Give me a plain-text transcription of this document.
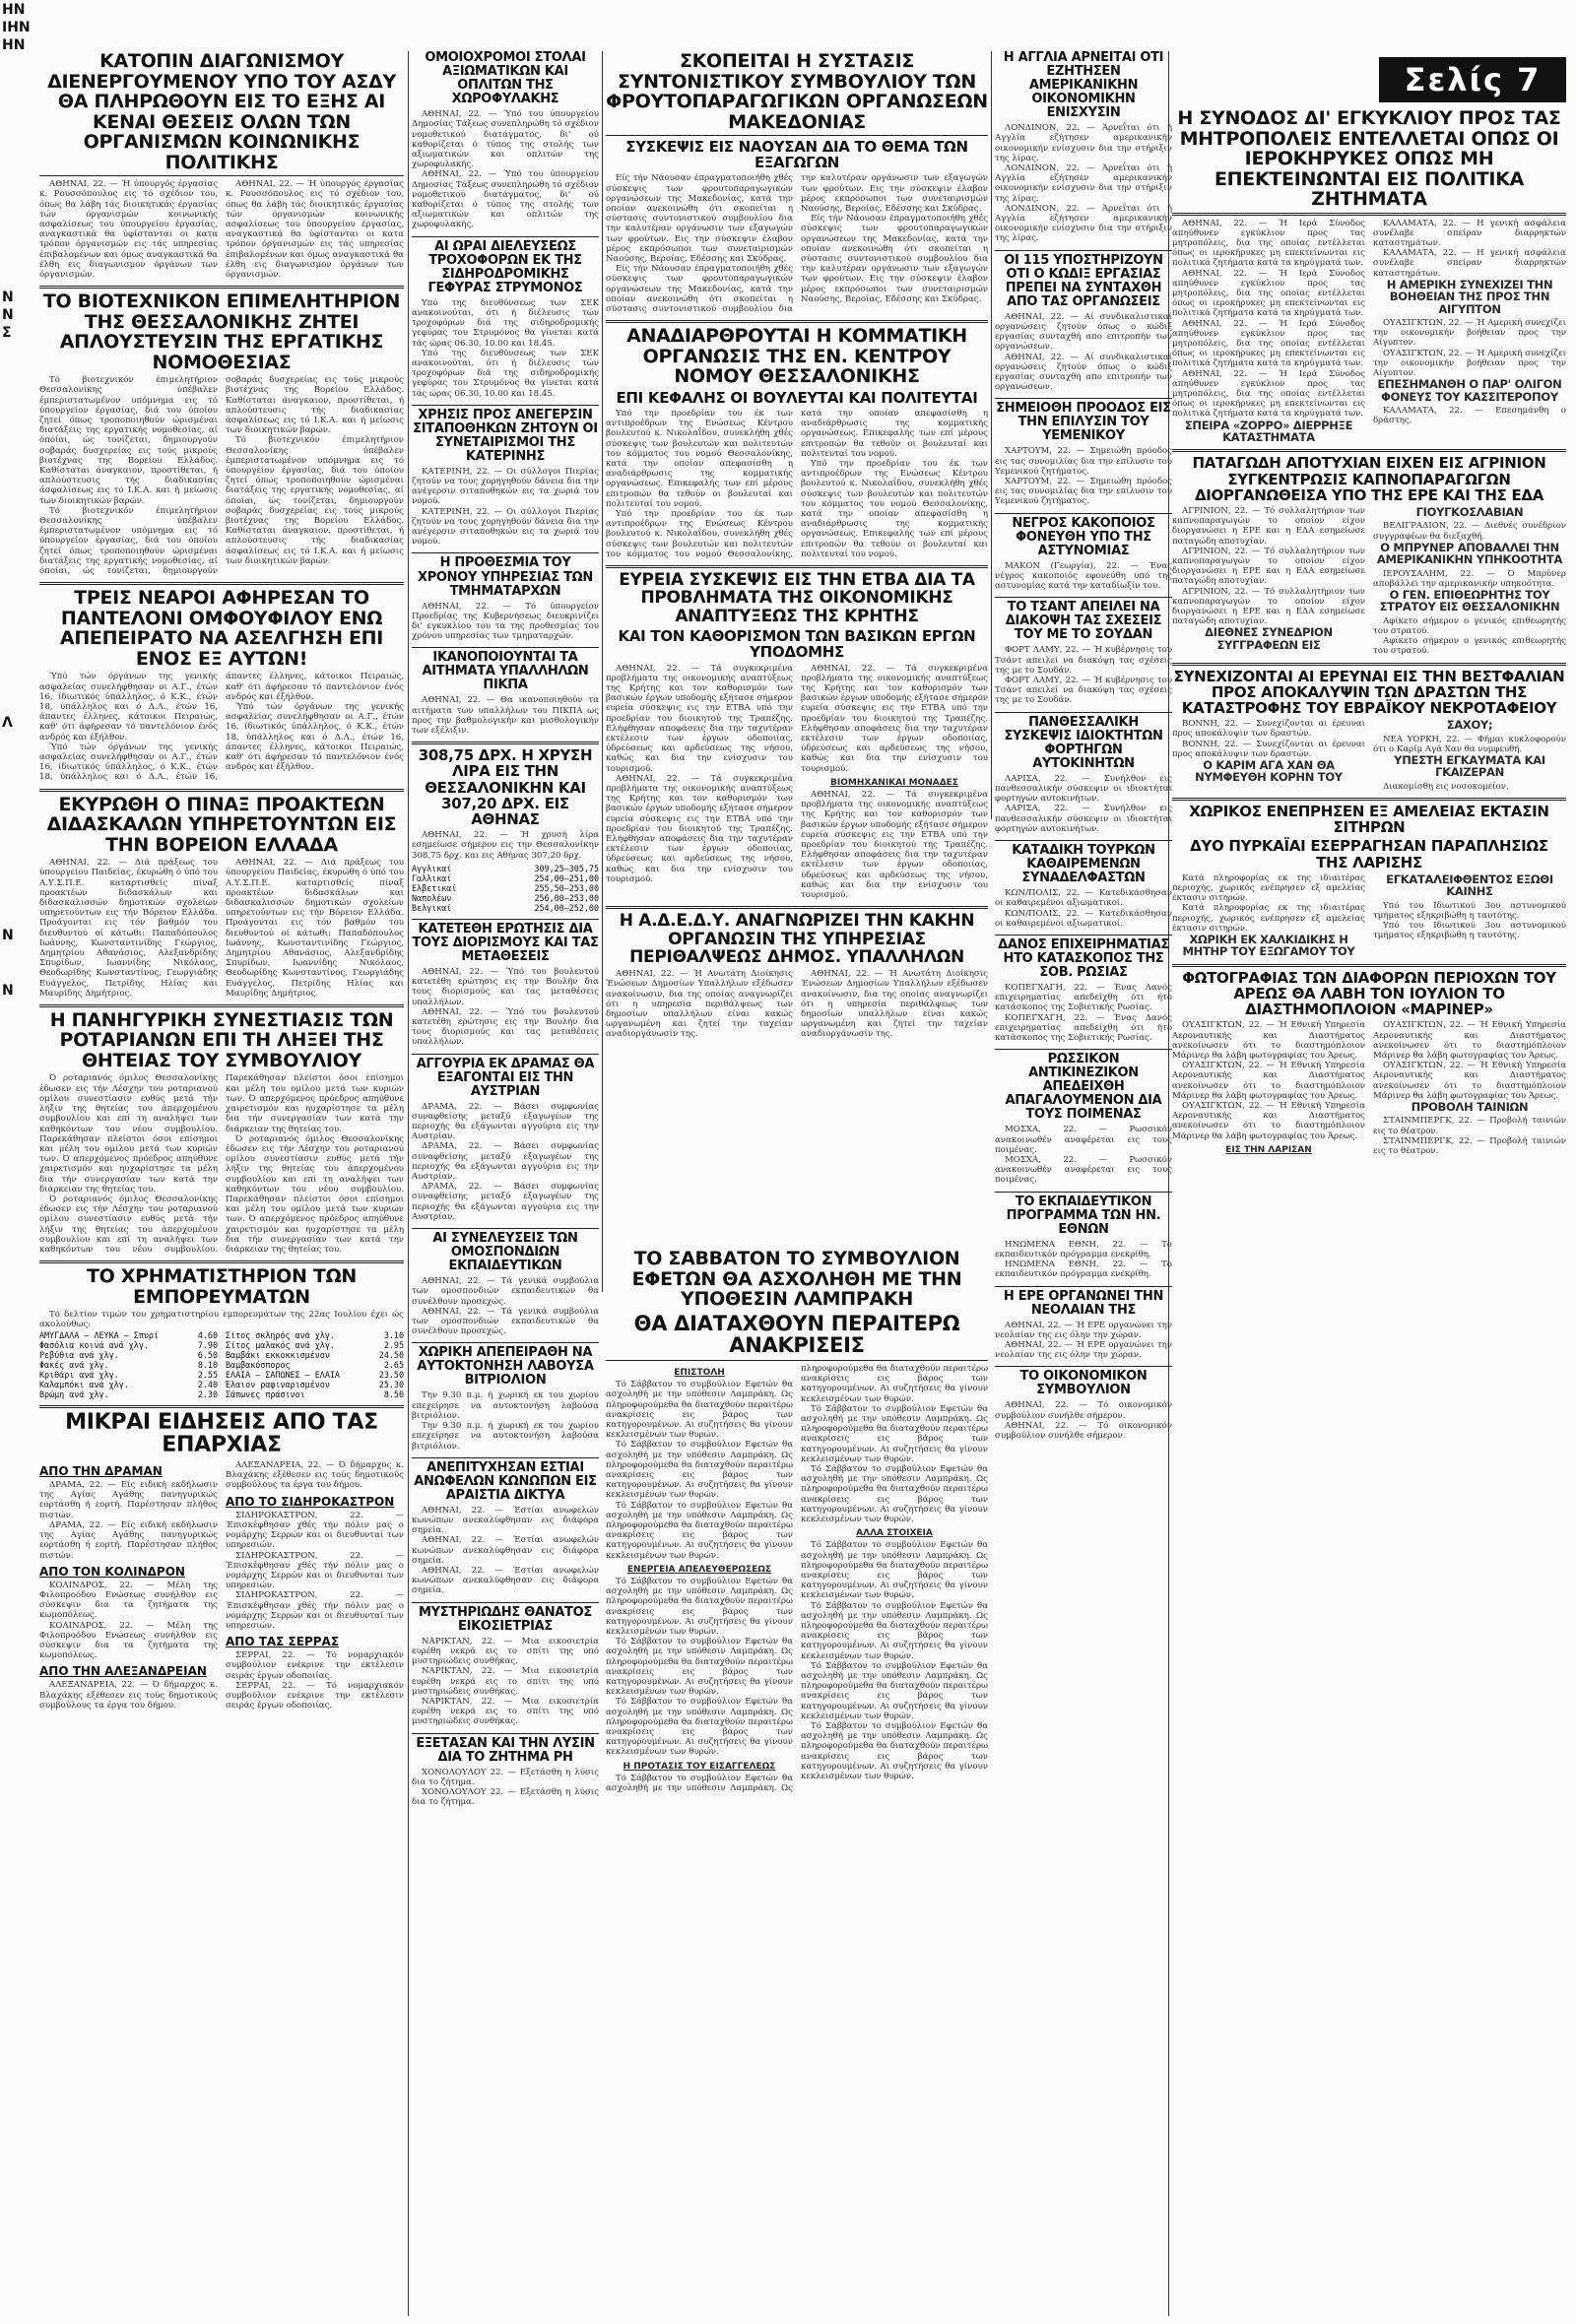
ΗΝ
ΙΗΝ
ΗΝ
Ν
Ν
Σ
Λ
Ν
Ν
Σελίς 7
ΚΑΤΟΠΙΝ ΔΙΑΓΩΝΙΣΜΟΥ ΔΙΕΝΕΡΓΟΥΜΕΝΟΥ ΥΠΟ ΤΟΥ ΑΣΔΥ ΘΑ ΠΛΗΡΩΘΟΥΝ ΕΙΣ ΤΟ ΕΞΗΣ ΑΙ ΚΕΝΑΙ ΘΕΣΕΙΣ ΟΛΩΝ ΤΩΝ ΟΡΓΑΝΙΣΜΩΝ ΚΟΙΝΩΝΙΚΗΣ ΠΟΛΙΤΙΚΗΣ

ΑΘΗΝΑΙ, 22. — Ή ύπουργός έργασίας κ. Ρουσσόπουλος εις τό σχέδιον του, όπως θα λάβη τάς διοικητικάς έργασίας τών όργανισμών κοινωνικής ασφαλίσεως του ύπουργείου έργασίας, αναγκαστικά θα ύφίστανται οι κατα τρόπον όργανισμών εις τάς υπηρεσίας έπιβαλομένων και όμως αναγκαστικά θα έλθη εις διαγωνισμον όργάνων των όργανισμών.

ΑΘΗΝΑΙ, 22. — Ή ύπουργός έργασίας κ. Ρουσσόπουλος εις τό σχέδιον του, όπως θα λάβη τάς διοικητικάς έργασίας τών όργανισμών κοινωνικής ασφαλίσεως του ύπουργείου έργασίας, αναγκαστικά θα ύφίστανται οι κατα τρόπον όργανισμών εις τάς υπηρεσίας έπιβαλομένων και όμως αναγκαστικά θα έλθη εις διαγωνισμον όργάνων των όργανισμών.

ΤΟ ΒΙΟΤΕΧΝΙΚΟΝ ΕΠΙΜΕΛΗΤΗΡΙΟΝ ΤΗΣ ΘΕΣΣΑΛΟΝΙΚΗΣ ΖΗΤΕΙ ΑΠΛΟΥΣΤΕΥΣΙΝ ΤΗΣ ΕΡΓΑΤΙΚΗΣ ΝΟΜΟΘΕΣΙΑΣ

Τό βιοτεχνικόν έπιμελητήριον Θεσσαλονίκης ύπέβαλεν έμπεριστατωμένον υπόμνημα εις τό ύπουργείον έργασίας, διά του όποίου ζητεί όπως τροποποιηθούν ώρισμέναι διατάξεις της εργατικής νομοθεσίας, αί όποίαι, ώς τονίζεται, δημιουργούν σοβαράς δυσχερείας εις τούς μικρούς βιοτέχνας της Βορείου Ελλάδος. Καθίσταται άναγκαιον, προστίθεται, ή απλούστευσις τής διαδικασίας άσφαλίσεως εις τό Ι.Κ.Α. και ή μείωσις των διοικητικών βαρών.

Τό βιοτεχνικόν έπιμελητήριον Θεσσαλονίκης ύπέβαλεν έμπεριστατωμένον υπόμνημα εις τό ύπουργείον έργασίας, διά του όποίου ζητεί όπως τροποποιηθούν ώρισμέναι διατάξεις της εργατικής νομοθεσίας, αί όποίαι, ώς τονίζεται, δημιουργούν σοβαράς δυσχερείας εις τούς μικρούς βιοτέχνας της Βορείου Ελλάδος. Καθίσταται άναγκαιον, προστίθεται, ή απλούστευσις τής διαδικασίας άσφαλίσεως εις τό Ι.Κ.Α. και ή μείωσις των διοικητικών βαρών.

Τό βιοτεχνικόν έπιμελητήριον Θεσσαλονίκης ύπέβαλεν έμπεριστατωμένον υπόμνημα εις τό ύπουργείον έργασίας, διά του όποίου ζητεί όπως τροποποιηθούν ώρισμέναι διατάξεις της εργατικής νομοθεσίας, αί όποίαι, ώς τονίζεται, δημιουργούν σοβαράς δυσχερείας εις τούς μικρούς βιοτέχνας της Βορείου Ελλάδος. Καθίσταται άναγκαιον, προστίθεται, ή απλούστευσις τής διαδικασίας άσφαλίσεως εις τό Ι.Κ.Α. και ή μείωσις των διοικητικών βαρών.

ΤΡΕΙΣ ΝΕΑΡΟΙ ΑΦΗΡΕΣΑΝ ΤΟ ΠΑΝΤΕΛΟΝΙ ΟΜΦΟΥΦΙΛΟΥ ΕΝΩ ΑΠΕΠΕΙΡΑΤΟ ΝΑ ΑΣΕΛΓΗΣΗ ΕΠΙ ΕΝΟΣ ΕΞ ΑΥΤΩΝ!

Ύπό τών όργάνων της γενικής ασφαλείας συνελήφθησαν οι Α.Γ., έτών 16, ίδιωτικός ύπάλληλος, ό Κ.Κ., έτών 18, ύπάλληλος και ό Δ.Λ., έτών 16, άπαντες έλληνες, κάτοικοι Πειραιώς, καθ' ότι άφήρεσαν τό παντελόνιον ένός ανδρός και έξήλθον.

Ύπό τών όργάνων της γενικής ασφαλείας συνελήφθησαν οι Α.Γ., έτών 16, ίδιωτικός ύπάλληλος, ό Κ.Κ., έτών 18, ύπάλληλος και ό Δ.Λ., έτών 16, άπαντες έλληνες, κάτοικοι Πειραιώς, καθ' ότι άφήρεσαν τό παντελόνιον ένός ανδρός και έξήλθον.

Ύπό τών όργάνων της γενικής ασφαλείας συνελήφθησαν οι Α.Γ., έτών 16, ίδιωτικός ύπάλληλος, ό Κ.Κ., έτών 18, ύπάλληλος και ό Δ.Λ., έτών 16, άπαντες έλληνες, κάτοικοι Πειραιώς, καθ' ότι άφήρεσαν τό παντελόνιον ένός ανδρός και έξήλθον.

ΕΚΥΡΩΘΗ Ο ΠΙΝΑΞ ΠΡΟΑΚΤΕΩΝ ΔΙΔΑΣΚΑΛΩΝ ΥΠΗΡΕΤΟΥΝΤΩΝ ΕΙΣ ΤΗΝ ΒΟΡΕΙΟΝ ΕΛΛΑΔΑ

ΑΘΗΝΑΙ, 22. — Διά πράξεως του ύπουργείου Παιδείας, έκυρώθη ό ύπό του Α.Υ.Σ.Π.Ε. καταρτισθείς πίναξ προακτέων διδασκάλων και διδασκαλισσών δημοτικών σχολείων υπηρετούντων εις τήν Βόρειον Ελλάδα. Προάγονται εις τόν βαθμόν του διευθυντού οί κάτωθι: Παπαδόπουλος Ιωάννης, Κωνσταντινίδης Γεώργιος, Δημητρίου Αθανάσιος, Αλεξανδρίδης Σπυρίδων, Ιωαννίδης Νικόλαος, Θεοδωρίδης Κωνσταντίνος, Γεωργιάδης Ευάγγελος, Πετρίδης Ηλίας και Μαυρίδης Δημήτριος.

ΑΘΗΝΑΙ, 22. — Διά πράξεως του ύπουργείου Παιδείας, έκυρώθη ό ύπό του Α.Υ.Σ.Π.Ε. καταρτισθείς πίναξ προακτέων διδασκάλων και διδασκαλισσών δημοτικών σχολείων υπηρετούντων εις τήν Βόρειον Ελλάδα. Προάγονται εις τόν βαθμόν του διευθυντού οί κάτωθι: Παπαδόπουλος Ιωάννης, Κωνσταντινίδης Γεώργιος, Δημητρίου Αθανάσιος, Αλεξανδρίδης Σπυρίδων, Ιωαννίδης Νικόλαος, Θεοδωρίδης Κωνσταντίνος, Γεωργιάδης Ευάγγελος, Πετρίδης Ηλίας και Μαυρίδης Δημήτριος.

Η ΠΑΝΗΓΥΡΙΚΗ ΣΥΝΕΣΤΙΑΣΙΣ ΤΩΝ ΡΟΤΑΡΙΑΝΩΝ ΕΠΙ ΤΗ ΛΗΞΕΙ ΤΗΣ ΘΗΤΕΙΑΣ ΤΟΥ ΣΥΜΒΟΥΛΙΟΥ

Ό ροταριανός όμιλος Θεσσαλονίκης έδωσεν εις τήν Λέσχην του ροταριανού ομίλου συνεστίασιν ευθύς μετά τήν λήξιν της θητείας του άπερχομένου συμβουλίου και επί τη αναλήψει των καθηκόντων του νέου συμβουλίου. Παρεκάθησαν πλείστοι όσοι επίσημοι και μέλη του ομίλου μετά των κυριών των. Ό απερχόμενος πρόεδρος απηύθυνε χαιρετισμόν και ηυχαρίστησε τα μέλη δια τήν συνεργασίαν των κατά την διάρκειαν της θητείας του.

Ό ροταριανός όμιλος Θεσσαλονίκης έδωσεν εις τήν Λέσχην του ροταριανού ομίλου συνεστίασιν ευθύς μετά τήν λήξιν της θητείας του άπερχομένου συμβουλίου και επί τη αναλήψει των καθηκόντων του νέου συμβουλίου. Παρεκάθησαν πλείστοι όσοι επίσημοι και μέλη του ομίλου μετά των κυριών των. Ό απερχόμενος πρόεδρος απηύθυνε χαιρετισμόν και ηυχαρίστησε τα μέλη δια τήν συνεργασίαν των κατά την διάρκειαν της θητείας του.

Ό ροταριανός όμιλος Θεσσαλονίκης έδωσεν εις τήν Λέσχην του ροταριανού ομίλου συνεστίασιν ευθύς μετά τήν λήξιν της θητείας του άπερχομένου συμβουλίου και επί τη αναλήψει των καθηκόντων του νέου συμβουλίου. Παρεκάθησαν πλείστοι όσοι επίσημοι και μέλη του ομίλου μετά των κυριών των. Ό απερχόμενος πρόεδρος απηύθυνε χαιρετισμόν και ηυχαρίστησε τα μέλη δια τήν συνεργασίαν των κατά την διάρκειαν της θητείας του.

ΤΟ ΧΡΗΜΑΤΙΣΤΗΡΙΟΝ ΤΩΝ ΕΜΠΟΡΕΥΜΑΤΩΝ

Τό δελτίον τιμών του χρηματιστηρίου εμπορευμάτων της 22ας Ιουλίου έχει ώς ακολούθως:

ΑΜΥΓΔΑΛΑ — ΛΕΥΚΑ — Σπυρί	4.60
Φασόλια κοινά ανά χλγ.	7.90
Ρεβύθια ανά χλγ.	6.50
Φακές ανά χλγ.	8.10
Κριθάρι ανά χλγ.	2.55
Καλαμπόκι ανά χλγ.	2.40
Βρώμη ανά χλγ.	2.30
Σίτος σκληρός ανά χλγ.	3.10
Σίτος μαλακός ανά χλγ.	2.95
Βαμβάκι εκκοκκισμένον	24.50
Βαμβακόσπορος	2.65
ΕΛΑΙΑ — ΣΑΠΩΝΕΣ — ΕΛΑΙΑ	23.50
Έλαιον ραφιναρισμένον	25.30
Σάπωνες πράσινοι	8.50
ΜΙΚΡΑΙ ΕΙΔΗΣΕΙΣ ΑΠΟ ΤΑΣ ΕΠΑΡΧΙΑΣ
ΑΠΟ ΤΗΝ ΔΡΑΜΑΝ

ΔΡΑΜΑ, 22. — Είς ειδική εκδήλωσιν της Αγίας Αγάθης πανηγυρικώς εορτάσθη ή εορτή. Παρέστησαν πλήθος πιστών.

ΔΡΑΜΑ, 22. — Είς ειδική εκδήλωσιν της Αγίας Αγάθης πανηγυρικώς εορτάσθη ή εορτή. Παρέστησαν πλήθος πιστών.

ΑΠΟ ΤΟΝ ΚΟΛΙΝΔΡΟΝ

ΚΟΛΙΝΔΡΟΣ, 22. — Μέλη της Φιλοπροόδου Ενώσεως συνήλθον εις σύσκεψιν δια τα ζητήματα της κωμοπόλεως.

ΚΟΛΙΝΔΡΟΣ, 22. — Μέλη της Φιλοπροόδου Ενώσεως συνήλθον εις σύσκεψιν δια τα ζητήματα της κωμοπόλεως.

ΑΠΟ ΤΗΝ ΑΛΕΞΑΝΔΡΕΙΑΝ

ΑΛΕΞΑΝΔΡΕΙΑ, 22. — Ό δήμαρχος κ. Βλαχάκης εξέθεσεν εις τούς δημοτικούς συμβούλους τα έργα του δήμου.

ΑΛΕΞΑΝΔΡΕΙΑ, 22. — Ό δήμαρχος κ. Βλαχάκης εξέθεσεν εις τούς δημοτικούς συμβούλους τα έργα του δήμου.

ΑΠΟ ΤΟ ΣΙΔΗΡΟΚΑΣΤΡΟΝ

ΣΙΔΗΡΟΚΑΣΤΡΟΝ, 22. — Έπισκέφθησαν χθές τήν πόλιν μας ο νομάρχης Σερρών και οι διευθυνταί των υπηρεσιών.

ΣΙΔΗΡΟΚΑΣΤΡΟΝ, 22. — Έπισκέφθησαν χθές τήν πόλιν μας ο νομάρχης Σερρών και οι διευθυνταί των υπηρεσιών.

ΣΙΔΗΡΟΚΑΣΤΡΟΝ, 22. — Έπισκέφθησαν χθές τήν πόλιν μας ο νομάρχης Σερρών και οι διευθυνταί των υπηρεσιών.

ΑΠΟ ΤΑΣ ΣΕΡΡΑΣ

ΣΕΡΡΑΙ, 22. — Τό νομαρχιακόν συμβούλιον ενέκρινε την εκτέλεσιν σειράς έργων οδοποιίας.

ΣΕΡΡΑΙ, 22. — Τό νομαρχιακόν συμβούλιον ενέκρινε την εκτέλεσιν σειράς έργων οδοποιίας.

ΟΜΟΙΟΧΡΟΜΟΙ ΣΤΟΛΑΙ ΑΞΙΩΜΑΤΙΚΩΝ ΚΑΙ ΟΠΛΙΤΩΝ ΤΗΣ ΧΩΡΟΦΥΛΑΚΗΣ

ΑΘΗΝΑΙ, 22. — Ύπό του ύπουργείου Δημοσίας Τάξεως συνεπληρώθη τό σχέδιον νομοθετικού διατάγματος, δι' ού καθορίζεται ό τύπος της στολής των αξιωματικών και οπλιτών της χωροφυλακής.

ΑΘΗΝΑΙ, 22. — Ύπό του ύπουργείου Δημοσίας Τάξεως συνεπληρώθη τό σχέδιον νομοθετικού διατάγματος, δι' ού καθορίζεται ό τύπος της στολής των αξιωματικών και οπλιτών της χωροφυλακής.

ΑΙ ΩΡΑΙ ΔΙΕΛΕΥΣΕΩΣ ΤΡΟΧΟΦΟΡΩΝ ΕΚ ΤΗΣ ΣΙΔΗΡΟΔΡΟΜΙΚΗΣ ΓΕΦΥΡΑΣ ΣΤΡΥΜΟΝΟΣ

Υπό της διευθύνσεως των ΣΕΚ ανακοινούται, ότι ή διέλευσις τών τροχοφόρων διά της σιδηροδρομικής γεφύρας του Στρυμόνος θα γίνεται κατά τάς ώρας 06.30, 10.00 και 18.45.

Υπό της διευθύνσεως των ΣΕΚ ανακοινούται, ότι ή διέλευσις τών τροχοφόρων διά της σιδηροδρομικής γεφύρας του Στρυμόνος θα γίνεται κατά τάς ώρας 06.30, 10.00 και 18.45.

ΧΡΗΣΙΣ ΠΡΟΣ ΑΝΕΓΕΡΣΙΝ ΣΙΤΑΠΟΘΗΚΩΝ ΖΗΤΟΥΝ ΟΙ ΣΥΝΕΤΑΙΡΙΣΜΟΙ ΤΗΣ ΚΑΤΕΡΙΝΗΣ

ΚΑΤΕΡΙΝΗ, 22. — Οι σύλλογοι Πιερίας ζητούν να τους χορηγηθούν δάνεια δια την ανέγερσιν σιταποθηκών εις τα χωριά του νομού.

ΚΑΤΕΡΙΝΗ, 22. — Οι σύλλογοι Πιερίας ζητούν να τους χορηγηθούν δάνεια δια την ανέγερσιν σιταποθηκών εις τα χωριά του νομού.

Η ΠΡΟΘΕΣΜΙΑ ΤΟΥ ΧΡΟΝΟΥ ΥΠΗΡΕΣΙΑΣ ΤΩΝ ΤΜΗΜΑΤΑΡΧΩΝ

ΑΘΗΝΑΙ, 22. — Τό ύπουργείον Προεδρίας της Κυβερνήσεως διευκρινίζει δι' εγκυκλίου του τα της προθεσμίας του χρόνου υπηρεσίας των τμηματαρχών.

ΙΚΑΝΟΠΟΙΟΥΝΤΑΙ ΤΑ ΑΙΤΗΜΑΤΑ ΥΠΑΛΛΗΛΩΝ ΠΙΚΠΑ

ΑΘΗΝΑΙ, 22. — Θα ικανοποιηθούν τα αιτήματα των υπαλλήλων του ΠΙΚΠΑ ως προς την βαθμολογικήν και μισθολογικήν των εξέλιξιν.

308,75 ΔΡΧ. Η ΧΡΥΣΗ ΛΙΡΑ ΕΙΣ ΤΗΝ ΘΕΣΣΑΛΟΝΙΚΗΝ ΚΑΙ 307,20 ΔΡΧ. ΕΙΣ ΑΘΗΝΑΣ

ΑΘΗΝΑΙ, 22. — Ή χρυσή λίρα εσημείωσε σήμερον εις την Θεσσαλονίκην 308,75 δρχ. και εις Αθήνας 307,20 δρχ.

Αγγλικαί	309,25—305,75
Γαλλικαί	254,00—251,00
Ελβετικαί	255,50—253,00
Ναπολέων	256,00—253,00
Βελγικαί	254,00—252,00
ΚΑΤΕΤΕΘΗ ΕΡΩΤΗΣΙΣ ΔΙΑ ΤΟΥΣ ΔΙΟΡΙΣΜΟΥΣ ΚΑΙ ΤΑΣ ΜΕΤΑΘΕΣΕΙΣ

ΑΘΗΝΑΙ, 22. — Ύπό του βουλευτού κατετέθη ερώτησις εις την Βουλήν δια τους διορισμούς και τας μεταθέσεις υπαλλήλων.

ΑΘΗΝΑΙ, 22. — Ύπό του βουλευτού κατετέθη ερώτησις εις την Βουλήν δια τους διορισμούς και τας μεταθέσεις υπαλλήλων.

ΑΓΓΟΥΡΙΑ ΕΚ ΔΡΑΜΑΣ ΘΑ ΕΞΑΓΟΝΤΑΙ ΕΙΣ ΤΗΝ ΑΥΣΤΡΙΑΝ

ΔΡΑΜΑ, 22. — Βάσει συμφωνίας συναφθείσης μεταξύ εξαγωγέων της περιοχής θα εξάγωνται αγγούρια εις την Αυστρίαν.

ΔΡΑΜΑ, 22. — Βάσει συμφωνίας συναφθείσης μεταξύ εξαγωγέων της περιοχής θα εξάγωνται αγγούρια εις την Αυστρίαν.

ΔΡΑΜΑ, 22. — Βάσει συμφωνίας συναφθείσης μεταξύ εξαγωγέων της περιοχής θα εξάγωνται αγγούρια εις την Αυστρίαν.

ΑΙ ΣΥΝΕΛΕΥΣΕΙΣ ΤΩΝ ΟΜΟΣΠΟΝΔΙΩΝ ΕΚΠΑΙΔΕΥΤΙΚΩΝ

ΑΘΗΝΑΙ, 22. — Τά γενικά συμβούλια των ομοσπονδιών εκπαιδευτικών θα συνέλθουν προσεχώς.

ΑΘΗΝΑΙ, 22. — Τά γενικά συμβούλια των ομοσπονδιών εκπαιδευτικών θα συνέλθουν προσεχώς.

ΧΩΡΙΚΗ ΑΠΕΠΕΙΡΑΘΗ ΝΑ ΑΥΤΟΚΤΟΝΗΣΗ ΛΑΒΟΥΣΑ ΒΙΤΡΙΟΛΙΟΝ

Την 9.30 π.μ. ή χωρική εκ του χωρίου επεχείρησε να αυτοκτονήση λαβούσα βιτριόλιον.

Την 9.30 π.μ. ή χωρική εκ του χωρίου επεχείρησε να αυτοκτονήση λαβούσα βιτριόλιον.

ΑΝΕΠΙΤΥΧΗΣΑΝ ΕΣΤΙΑΙ ΑΝΩΦΕΛΩΝ ΚΩΝΩΠΩΝ ΕΙΣ ΑΡΑΙΣΤΙΑ ΔΙΚΤΥΑ

ΑΘΗΝΑΙ, 22. — Έστίαι ανωφελών κωνώπων ανεκαλύφθησαν εις διάφορα σημεία.

ΑΘΗΝΑΙ, 22. — Έστίαι ανωφελών κωνώπων ανεκαλύφθησαν εις διάφορα σημεία.

ΑΘΗΝΑΙ, 22. — Έστίαι ανωφελών κωνώπων ανεκαλύφθησαν εις διάφορα σημεία.

ΜΥΣΤΗΡΙΩΔΗΣ ΘΑΝΑΤΟΣ ΕΙΚΟΣΙΕΤΡΙΑΣ

ΝΑΡΙΚΤΑΝ, 22. — Μια εικοσιετρία ευρέθη νεκρά εις το σπίτι της υπό μυστηριώδεις συνθήκας.

ΝΑΡΙΚΤΑΝ, 22. — Μια εικοσιετρία ευρέθη νεκρά εις το σπίτι της υπό μυστηριώδεις συνθήκας.

ΝΑΡΙΚΤΑΝ, 22. — Μια εικοσιετρία ευρέθη νεκρά εις το σπίτι της υπό μυστηριώδεις συνθήκας.

ΕΞΕΤΑΣΑΝ ΚΑΙ ΤΗΝ ΛΥΣΙΝ ΔΙΑ ΤΟ ΖΗΤΗΜΑ ΡΗ

ΧΟΝΟΛΟΥΛΟΥ 22. — Εξετάσθη η λύσις δια το ζήτημα.

ΧΟΝΟΛΟΥΛΟΥ 22. — Εξετάσθη η λύσις δια το ζήτημα.

ΣΚΟΠΕΙΤΑΙ Η ΣΥΣΤΑΣΙΣ ΣΥΝΤΟΝΙΣΤΙΚΟΥ ΣΥΜΒΟΥΛΙΟΥ ΤΩΝ ΦΡΟΥΤΟΠΑΡΑΓΩΓΙΚΩΝ ΟΡΓΑΝΩΣΕΩΝ ΜΑΚΕΔΟΝΙΑΣ
ΣΥΣΚΕΨΙΣ ΕΙΣ ΝΑΟΥΣΑΝ ΔΙΑ ΤΟ ΘΕΜΑ ΤΩΝ ΕΞΑΓΩΓΩΝ

Είς τήν Νάουσαν έπραγματοποιήθη χθές σύσκεψις των φρουτοπαραγωγικών οργανώσεων της Μακεδονίας, κατά την οποίαν ανεκοινώθη ότι σκοπείται η σύστασις συντονιστικού συμβουλίου δια την καλυτέραν οργάνωσιν των εξαγωγών των φρούτων. Εις την σύσκεψιν έλαβον μέρος εκπρόσωποι των συνεταιρισμών Ναούσης, Βεροίας, Εδέσσης και Σκύδρας.

Είς τήν Νάουσαν έπραγματοποιήθη χθές σύσκεψις των φρουτοπαραγωγικών οργανώσεων της Μακεδονίας, κατά την οποίαν ανεκοινώθη ότι σκοπείται η σύστασις συντονιστικού συμβουλίου δια την καλυτέραν οργάνωσιν των εξαγωγών των φρούτων. Εις την σύσκεψιν έλαβον μέρος εκπρόσωποι των συνεταιρισμών Ναούσης, Βεροίας, Εδέσσης και Σκύδρας.

Είς τήν Νάουσαν έπραγματοποιήθη χθές σύσκεψις των φρουτοπαραγωγικών οργανώσεων της Μακεδονίας, κατά την οποίαν ανεκοινώθη ότι σκοπείται η σύστασις συντονιστικού συμβουλίου δια την καλυτέραν οργάνωσιν των εξαγωγών των φρούτων. Εις την σύσκεψιν έλαβον μέρος εκπρόσωποι των συνεταιρισμών Ναούσης, Βεροίας, Εδέσσης και Σκύδρας.

ΑΝΑΔΙΑΡΘΡΟΥΤΑΙ Η ΚΟΜΜΑΤΙΚΗ ΟΡΓΑΝΩΣΙΣ ΤΗΣ ΕΝ. ΚΕΝΤΡΟΥ ΝΟΜΟΥ ΘΕΣΣΑΛΟΝΙΚΗΣ
ΕΠΙ ΚΕΦΑΛΗΣ ΟΙ ΒΟΥΛΕΥΤΑΙ ΚΑΙ ΠΟΛΙΤΕΥΤΑΙ

Υπό την προεδρίαν του έκ των αντιπροέδρων της Ενώσεως Κέντρου βουλευτού κ. Νικολαΐδου, συνεκλήθη χθές σύσκεψις των βουλευτών και πολιτευτών του κόμματος του νομού Θεσσαλονίκης, κατά την οποίαν απεφασίσθη η αναδιάρθρωσις της κομματικής οργανώσεως. Επικεφαλής των επί μέρους επιτροπών θα τεθούν οι βουλευταί και πολιτευταί του νομού.

Υπό την προεδρίαν του έκ των αντιπροέδρων της Ενώσεως Κέντρου βουλευτού κ. Νικολαΐδου, συνεκλήθη χθές σύσκεψις των βουλευτών και πολιτευτών του κόμματος του νομού Θεσσαλονίκης, κατά την οποίαν απεφασίσθη η αναδιάρθρωσις της κομματικής οργανώσεως. Επικεφαλής των επί μέρους επιτροπών θα τεθούν οι βουλευταί και πολιτευταί του νομού.

Υπό την προεδρίαν του έκ των αντιπροέδρων της Ενώσεως Κέντρου βουλευτού κ. Νικολαΐδου, συνεκλήθη χθές σύσκεψις των βουλευτών και πολιτευτών του κόμματος του νομού Θεσσαλονίκης, κατά την οποίαν απεφασίσθη η αναδιάρθρωσις της κομματικής οργανώσεως. Επικεφαλής των επί μέρους επιτροπών θα τεθούν οι βουλευταί και πολιτευταί του νομού.

ΕΥΡΕΙΑ ΣΥΣΚΕΨΙΣ ΕΙΣ ΤΗΝ ΕΤΒΑ ΔΙΑ ΤΑ ΠΡΟΒΛΗΜΑΤΑ ΤΗΣ ΟΙΚΟΝΟΜΙΚΗΣ ΑΝΑΠΤΥΞΕΩΣ ΤΗΣ ΚΡΗΤΗΣ
ΚΑΙ ΤΟΝ ΚΑΘΟΡΙΣΜΟΝ ΤΩΝ ΒΑΣΙΚΩΝ ΕΡΓΩΝ ΥΠΟΔΟΜΗΣ

ΑΘΗΝΑΙ, 22. — Τά συγκεκριμένα προβλήματα της οικονομικής αναπτύξεως της Κρήτης και τον καθορισμόν των βασικών έργων υποδομής εξήτασε σήμερον ευρεία σύσκεψις εις την ΕΤΒΑ υπό την προεδρίαν του διοικητού της Τραπέζης. Ελήφθησαν αποφάσεις δια την ταχυτέραν εκτέλεσιν των έργων οδοποιίας, ύδρεύσεως και αρδεύσεως της νήσου, καθώς και δια την ενίσχυσιν του τουρισμού.

ΑΘΗΝΑΙ, 22. — Τά συγκεκριμένα προβλήματα της οικονομικής αναπτύξεως της Κρήτης και τον καθορισμόν των βασικών έργων υποδομής εξήτασε σήμερον ευρεία σύσκεψις εις την ΕΤΒΑ υπό την προεδρίαν του διοικητού της Τραπέζης. Ελήφθησαν αποφάσεις δια την ταχυτέραν εκτέλεσιν των έργων οδοποιίας, ύδρεύσεως και αρδεύσεως της νήσου, καθώς και δια την ενίσχυσιν του τουρισμού.

ΑΘΗΝΑΙ, 22. — Τά συγκεκριμένα προβλήματα της οικονομικής αναπτύξεως της Κρήτης και τον καθορισμόν των βασικών έργων υποδομής εξήτασε σήμερον ευρεία σύσκεψις εις την ΕΤΒΑ υπό την προεδρίαν του διοικητού της Τραπέζης. Ελήφθησαν αποφάσεις δια την ταχυτέραν εκτέλεσιν των έργων οδοποιίας, ύδρεύσεως και αρδεύσεως της νήσου, καθώς και δια την ενίσχυσιν του τουρισμού.

ΒΙΟΜΗΧΑΝΙΚΑΙ ΜΟΝΑΔΕΣ

ΑΘΗΝΑΙ, 22. — Τά συγκεκριμένα προβλήματα της οικονομικής αναπτύξεως της Κρήτης και τον καθορισμόν των βασικών έργων υποδομής εξήτασε σήμερον ευρεία σύσκεψις εις την ΕΤΒΑ υπό την προεδρίαν του διοικητού της Τραπέζης. Ελήφθησαν αποφάσεις δια την ταχυτέραν εκτέλεσιν των έργων οδοποιίας, ύδρεύσεως και αρδεύσεως της νήσου, καθώς και δια την ενίσχυσιν του τουρισμού.

Η Α.Δ.Ε.Δ.Υ. ΑΝΑΓΝΩΡΙΖΕΙ ΤΗΝ ΚΑΚΗΝ ΟΡΓΑΝΩΣΙΝ ΤΗΣ ΥΠΗΡΕΣΙΑΣ ΠΕΡΙΘΑΛΨΕΩΣ ΔΗΜΟΣ. ΥΠΑΛΛΗΛΩΝ

ΑΘΗΝΑΙ, 22. — Ή Ανωτάτη Διοίκησις Ένώσεων Δημοσίων Υπαλλήλων εξέδωσεν ανακοίνωσιν, δια της οποίας αναγνωρίζει ότι η υπηρεσία περιθάλψεως των δημοσίων υπαλλήλων είναι κακώς ωργανωμένη και ζητεί την ταχείαν αναδιοργάνωσίν της.

ΑΘΗΝΑΙ, 22. — Ή Ανωτάτη Διοίκησις Ένώσεων Δημοσίων Υπαλλήλων εξέδωσεν ανακοίνωσιν, δια της οποίας αναγνωρίζει ότι η υπηρεσία περιθάλψεως των δημοσίων υπαλλήλων είναι κακώς ωργανωμένη και ζητεί την ταχείαν αναδιοργάνωσίν της.

ΤΟ ΣΑΒΒΑΤΟΝ ΤΟ ΣΥΜΒΟΥΛΙΟΝ ΕΦΕΤΩΝ ΘΑ ΑΣΧΟΛΗΘΗ ΜΕ ΤΗΝ ΥΠΟΘΕΣΙΝ ΛΑΜΠΡΑΚΗ
ΘΑ ΔΙΑΤΑΧΘΟΥΝ ΠΕΡΑΙΤΕΡΩ ΑΝΑΚΡΙΣΕΙΣ
ΕΠΙΣΤΟΛΗ

Τό Σάββατον το συμβούλιον Εφετών θα ασχοληθή με την υπόθεσιν Λαμπράκη. Ως πληροφορούμεθα θα διαταχθούν περαιτέρω ανακρίσεις εις βάρος των κατηγορουμένων. Αι συζητήσεις θα γίνουν κεκλεισμένων των θυρών.

Τό Σάββατον το συμβούλιον Εφετών θα ασχοληθή με την υπόθεσιν Λαμπράκη. Ως πληροφορούμεθα θα διαταχθούν περαιτέρω ανακρίσεις εις βάρος των κατηγορουμένων. Αι συζητήσεις θα γίνουν κεκλεισμένων των θυρών.

Τό Σάββατον το συμβούλιον Εφετών θα ασχοληθή με την υπόθεσιν Λαμπράκη. Ως πληροφορούμεθα θα διαταχθούν περαιτέρω ανακρίσεις εις βάρος των κατηγορουμένων. Αι συζητήσεις θα γίνουν κεκλεισμένων των θυρών.

ΕΝΕΡΓΕΙΑ ΑΠΕΛΕΥΘΕΡΩΣΕΩΣ

Τό Σάββατον το συμβούλιον Εφετών θα ασχοληθή με την υπόθεσιν Λαμπράκη. Ως πληροφορούμεθα θα διαταχθούν περαιτέρω ανακρίσεις εις βάρος των κατηγορουμένων. Αι συζητήσεις θα γίνουν κεκλεισμένων των θυρών.

Τό Σάββατον το συμβούλιον Εφετών θα ασχοληθή με την υπόθεσιν Λαμπράκη. Ως πληροφορούμεθα θα διαταχθούν περαιτέρω ανακρίσεις εις βάρος των κατηγορουμένων. Αι συζητήσεις θα γίνουν κεκλεισμένων των θυρών.

Τό Σάββατον το συμβούλιον Εφετών θα ασχοληθή με την υπόθεσιν Λαμπράκη. Ως πληροφορούμεθα θα διαταχθούν περαιτέρω ανακρίσεις εις βάρος των κατηγορουμένων. Αι συζητήσεις θα γίνουν κεκλεισμένων των θυρών.

Η ΠΡΟΤΑΣΙΣ ΤΟΥ ΕΙΣΑΓΓΕΛΕΩΣ

Τό Σάββατον το συμβούλιον Εφετών θα ασχοληθή με την υπόθεσιν Λαμπράκη. Ως πληροφορούμεθα θα διαταχθούν περαιτέρω ανακρίσεις εις βάρος των κατηγορουμένων. Αι συζητήσεις θα γίνουν κεκλεισμένων των θυρών.

Τό Σάββατον το συμβούλιον Εφετών θα ασχοληθή με την υπόθεσιν Λαμπράκη. Ως πληροφορούμεθα θα διαταχθούν περαιτέρω ανακρίσεις εις βάρος των κατηγορουμένων. Αι συζητήσεις θα γίνουν κεκλεισμένων των θυρών.

Τό Σάββατον το συμβούλιον Εφετών θα ασχοληθή με την υπόθεσιν Λαμπράκη. Ως πληροφορούμεθα θα διαταχθούν περαιτέρω ανακρίσεις εις βάρος των κατηγορουμένων. Αι συζητήσεις θα γίνουν κεκλεισμένων των θυρών.

ΑΛΛΑ ΣΤΟΙΧΕΙΑ

Τό Σάββατον το συμβούλιον Εφετών θα ασχοληθή με την υπόθεσιν Λαμπράκη. Ως πληροφορούμεθα θα διαταχθούν περαιτέρω ανακρίσεις εις βάρος των κατηγορουμένων. Αι συζητήσεις θα γίνουν κεκλεισμένων των θυρών.

Τό Σάββατον το συμβούλιον Εφετών θα ασχοληθή με την υπόθεσιν Λαμπράκη. Ως πληροφορούμεθα θα διαταχθούν περαιτέρω ανακρίσεις εις βάρος των κατηγορουμένων. Αι συζητήσεις θα γίνουν κεκλεισμένων των θυρών.

Τό Σάββατον το συμβούλιον Εφετών θα ασχοληθή με την υπόθεσιν Λαμπράκη. Ως πληροφορούμεθα θα διαταχθούν περαιτέρω ανακρίσεις εις βάρος των κατηγορουμένων. Αι συζητήσεις θα γίνουν κεκλεισμένων των θυρών.

Τό Σάββατον το συμβούλιον Εφετών θα ασχοληθή με την υπόθεσιν Λαμπράκη. Ως πληροφορούμεθα θα διαταχθούν περαιτέρω ανακρίσεις εις βάρος των κατηγορουμένων. Αι συζητήσεις θα γίνουν κεκλεισμένων των θυρών.

Η ΑΓΓΛΙΑ ΑΡΝΕΙΤΑΙ ΟΤΙ ΕΖΗΤΗΣΕΝ ΑΜΕΡΙΚΑΝΙΚΗΝ ΟΙΚΟΝΟΜΙΚΗΝ ΕΝΙΣΧΥΣΙΝ

ΛΟΝΔΙΝΟΝ, 22. — Άρνεΐται ότι ή Αγγλία εζήτησεν αμερικανικήν οικονομικήν ενίσχυσιν δια την στήριξιν της λίρας.

ΛΟΝΔΙΝΟΝ, 22. — Άρνεΐται ότι ή Αγγλία εζήτησεν αμερικανικήν οικονομικήν ενίσχυσιν δια την στήριξιν της λίρας.

ΛΟΝΔΙΝΟΝ, 22. — Άρνεΐται ότι ή Αγγλία εζήτησεν αμερικανικήν οικονομικήν ενίσχυσιν δια την στήριξιν της λίρας.

ΟΙ 115 ΥΠΟΣΤΗΡΙΖΟΥΝ ΟΤΙ Ο ΚΩΔΙΞ ΕΡΓΑΣΙΑΣ ΠΡΕΠΕΙ ΝΑ ΣΥΝΤΑΧΘΗ ΑΠΟ ΤΑΣ ΟΡΓΑΝΩΣΕΙΣ

ΑΘΗΝΑΙ, 22. — Αί συνδικαλιστικαί οργανώσεις ζητούν όπως ο κώδιξ εργασίας συνταχθή απο επιτροπήν των οργανώσεων.

ΑΘΗΝΑΙ, 22. — Αί συνδικαλιστικαί οργανώσεις ζητούν όπως ο κώδιξ εργασίας συνταχθή απο επιτροπήν των οργανώσεων.

ΣΗΜΕΙΟΘΗ ΠΡΟΟΔΟΣ ΕΙΣ ΤΗΝ ΕΠΙΛΥΣΙΝ ΤΟΥ ΥΕΜΕΝΙΚΟΥ

ΧΑΡΤΟΥΜ, 22. — Σημειώθη πρόοδος εις τας συνομιλίας δια την επίλυσιν του Υεμενικού ζητήματος.

ΧΑΡΤΟΥΜ, 22. — Σημειώθη πρόοδος εις τας συνομιλίας δια την επίλυσιν του Υεμενικού ζητήματος.

ΝΕΓΡΟΣ ΚΑΚΟΠΟΙΟΣ ΦΟΝΕΥΘΗ ΥΠΟ ΤΗΣ ΑΣΤΥΝΟΜΙΑΣ

ΜΑΚΟΝ (Γεωργία), 22. — Ένας νέγρος κακοποιός εφονεύθη υπό της αστυνομίας κατά την καταδίωξίν του.

ΤΟ ΤΣΑΝΤ ΑΠΕΙΛΕΙ ΝΑ ΔΙΑΚΟΨΗ ΤΑΣ ΣΧΕΣΕΙΣ ΤΟΥ ΜΕ ΤΟ ΣΟΥΔΑΝ

ΦΟΡΤ ΛΑΜΥ, 22. — Ή κυβέρνησις του Τσάντ απειλεί να διακόψη τας σχέσεις της με το Σουδάν.

ΦΟΡΤ ΛΑΜΥ, 22. — Ή κυβέρνησις του Τσάντ απειλεί να διακόψη τας σχέσεις της με το Σουδάν.

ΠΑΝΘΕΣΣΑΛΙΚΗ ΣΥΣΚΕΨΙΣ ΙΔΙΟΚΤΗΤΩΝ ΦΟΡΤΗΓΩΝ ΑΥΤΟΚΙΝΗΤΩΝ

ΛΑΡΙΣΑ, 22. — Συνήλθον εις πανθεσσαλικήν σύσκεψιν οι ιδιοκτήται φορτηγών αυτοκινήτων.

ΛΑΡΙΣΑ, 22. — Συνήλθον εις πανθεσσαλικήν σύσκεψιν οι ιδιοκτήται φορτηγών αυτοκινήτων.

ΚΑΤΑΔΙΚΗ ΤΟΥΡΚΩΝ ΚΑΘΑΙΡΕΜΕΝΩΝ ΣΥΝΑΔΕΛΦΑΣΤΩΝ

ΚΩΝ/ΠΟΛΙΣ, 22. — Κατεδικάσθησαν οι καθαιρεμένοι αξιωματικοί.

ΚΩΝ/ΠΟΛΙΣ, 22. — Κατεδικάσθησαν οι καθαιρεμένοι αξιωματικοί.

ΔΑΝΟΣ ΕΠΙΧΕΙΡΗΜΑΤΙΑΣ ΗΤΟ ΚΑΤΑΣΚΟΠΟΣ ΤΗΣ ΣΟΒ. ΡΩΣΙΑΣ

ΚΟΠΕΓΧΑΓΗ, 22. — Ένας Δανός επιχειρηματίας απεδείχθη ότι ήτο κατάσκοπος της Σοβιετικής Ρωσίας.

ΚΟΠΕΓΧΑΓΗ, 22. — Ένας Δανός επιχειρηματίας απεδείχθη ότι ήτο κατάσκοπος της Σοβιετικής Ρωσίας.

ΡΩΣΣΙΚΟΝ ΑΝΤΙΚΙΝΕΖΙΚΟΝ ΑΠΕΔΕΙΧΘΗ ΑΠΑΓΑΛΟΥΜΕΝΟΝ ΔΙΑ ΤΟΥΣ ΠΟΙΜΕΝΑΣ

ΜΟΣΧΑ, 22. — Ρωσσικόν ανακοινωθέν αναφέρεται εις τους ποιμένας.

ΜΟΣΧΑ, 22. — Ρωσσικόν ανακοινωθέν αναφέρεται εις τους ποιμένας.

ΤΟ ΕΚΠΑΙΔΕΥΤΙΚΟΝ ΠΡΟΓΡΑΜΜΑ ΤΩΝ ΗΝ. ΕΘΝΩΝ

ΗΝΩΜΕΝΑ ΕΘΝΗ, 22. — Το εκπαιδευτικόν πρόγραμμα ενεκρίθη.

ΗΝΩΜΕΝΑ ΕΘΝΗ, 22. — Το εκπαιδευτικόν πρόγραμμα ενεκρίθη.

Η ΕΡΕ ΟΡΓΑΝΩΝΕΙ ΤΗΝ ΝΕΟΛΑΙΑΝ ΤΗΣ

ΑΘΗΝΑΙ, 22. — Ή ΕΡΕ οργανώνει την νεολαίαν της εις όλην την χώραν.

ΑΘΗΝΑΙ, 22. — Ή ΕΡΕ οργανώνει την νεολαίαν της εις όλην την χώραν.

ΤΟ ΟΙΚΟΝΟΜΙΚΟΝ ΣΥΜΒΟΥΛΙΟΝ

ΑΘΗΝΑΙ, 22. — Τό οικονομικόν συμβούλιον συνήλθε σήμερον.

ΑΘΗΝΑΙ, 22. — Τό οικονομικόν συμβούλιον συνήλθε σήμερον.

Η ΣΥΝΟΔΟΣ ΔΙ' ΕΓΚΥΚΛΙΟΥ ΠΡΟΣ ΤΑΣ ΜΗΤΡΟΠΟΛΕΙΣ ΕΝΤΕΛΛΕΤΑΙ ΟΠΩΣ ΟΙ ΙΕΡΟΚΗΡΥΚΕΣ ΟΠΩΣ ΜΗ ΕΠΕΚΤΕΙΝΩΝΤΑΙ ΕΙΣ ΠΟΛΙΤΙΚΑ ΖΗΤΗΜΑΤΑ

ΑΘΗΝΑΙ, 22. — Ή Ιερά Σύνοδος απηύθυνεν εγκύκλιον προς τας μητροπόλεις, δια της οποίας εντέλλεται όπως οι ιεροκήρυκες μη επεκτείνωνται εις πολιτικά ζητήματα κατά τα κηρύγματά των.

ΑΘΗΝΑΙ, 22. — Ή Ιερά Σύνοδος απηύθυνεν εγκύκλιον προς τας μητροπόλεις, δια της οποίας εντέλλεται όπως οι ιεροκήρυκες μη επεκτείνωνται εις πολιτικά ζητήματα κατά τα κηρύγματά των.

ΑΘΗΝΑΙ, 22. — Ή Ιερά Σύνοδος απηύθυνεν εγκύκλιον προς τας μητροπόλεις, δια της οποίας εντέλλεται όπως οι ιεροκήρυκες μη επεκτείνωνται εις πολιτικά ζητήματα κατά τα κηρύγματά των.

ΑΘΗΝΑΙ, 22. — Ή Ιερά Σύνοδος απηύθυνεν εγκύκλιον προς τας μητροπόλεις, δια της οποίας εντέλλεται όπως οι ιεροκήρυκες μη επεκτείνωνται εις πολιτικά ζητήματα κατά τα κηρύγματά των.

ΣΠΕΙΡΑ «ΖΟΡΡΟ» ΔΙΕΡΡΗΞΕ ΚΑΤΑΣΤΗΜΑΤΑ

ΚΑΛΑΜΑΤΑ, 22. — Η γενική ασφάλεια συνέλαβε σπείραν διαρρηκτών καταστημάτων.

ΚΑΛΑΜΑΤΑ, 22. — Η γενική ασφάλεια συνέλαβε σπείραν διαρρηκτών καταστημάτων.

Η ΑΜΕΡΙΚΗ ΣΥΝΕΧΙΖΕΙ ΤΗΝ ΒΟΗΘΕΙΑΝ ΤΗΣ ΠΡΟΣ ΤΗΝ ΑΙΓΥΠΤΟΝ

ΟΥΑΣΙΓΚΤΩΝ, 22. — Ή Αμερική συνεχίζει την οικονομικήν βοήθειαν προς την Αίγυπτον.

ΟΥΑΣΙΓΚΤΩΝ, 22. — Ή Αμερική συνεχίζει την οικονομικήν βοήθειαν προς την Αίγυπτον.

ΕΠΕΣΗΜΑΝΘΗ Ο ΠΑΡ' ΟΛΙΓΟΝ ΦΟΝΕΥΣ ΤΟΥ ΚΑΣΣΙΤΕΡΟΠΟΥ

ΚΑΛΑΜΑΤΑ, 22. — Επεσημάνθη ο δράστης.

ΠΑΤΑΓΩΔΗ ΑΠΟΤΥΧΙΑΝ ΕΙΧΕΝ ΕΙΣ ΑΓΡΙΝΙΟΝ ΣΥΓΚΕΝΤΡΩΣΙΣ ΚΑΠΝΟΠΑΡΑΓΩΓΩΝ ΔΙΟΡΓΑΝΩΘΕΙΣΑ ΥΠΟ ΤΗΣ ΕΡΕ ΚΑΙ ΤΗΣ ΕΔΑ

ΑΓΡΙΝΙΟΝ, 22. — Τό συλλαλητήριον των καπνοπαραγωγών το οποίον είχον διοργανώσει η ΕΡΕ και η ΕΔΑ εσημείωσε παταγώδη αποτυχίαν.

ΑΓΡΙΝΙΟΝ, 22. — Τό συλλαλητήριον των καπνοπαραγωγών το οποίον είχον διοργανώσει η ΕΡΕ και η ΕΔΑ εσημείωσε παταγώδη αποτυχίαν.

ΑΓΡΙΝΙΟΝ, 22. — Τό συλλαλητήριον των καπνοπαραγωγών το οποίον είχον διοργανώσει η ΕΡΕ και η ΕΔΑ εσημείωσε παταγώδη αποτυχίαν.

ΔΙΕΘΝΕΣ ΣΥΝΕΔΡΙΟΝ ΣΥΓΓΡΑΦΕΩΝ ΕΙΣ ΓΙΟΥΓΚΟΣΛΑΒΙΑΝ

ΒΕΛΙΓΡΑΔΙΟΝ, 22. — Διεθνές συνέδριον συγγραφέων θα διεξαχθή.

Ο ΜΠΡΥΝΕΡ ΑΠΟΒΑΛΛΕΙ ΤΗΝ ΑΜΕΡΙΚΑΝΙΚΗΝ ΥΠΗΚΟΟΤΗΤΑ

ΙΕΡΟΥΣΑΛΗΜ, 22. — Ό Μπρύνερ αποβάλλει την αμερικανικήν υπηκοότητα.

Ο ΓΕΝ. ΕΠΙΘΕΩΡΗΤΗΣ ΤΟΥ ΣΤΡΑΤΟΥ ΕΙΣ ΘΕΣΣΑΛΟΝΙΚΗΝ

Αφίκετο σήμερον ο γενικός επιθεωρητής του στρατού.

Αφίκετο σήμερον ο γενικός επιθεωρητής του στρατού.

ΣΥΝΕΧΙΖΟΝΤΑΙ ΑΙ ΕΡΕΥΝΑΙ ΕΙΣ ΤΗΝ ΒΕΣΤΦΑΛΙΑΝ ΠΡΟΣ ΑΠΟΚΑΛΥΨΙΝ ΤΩΝ ΔΡΑΣΤΩΝ ΤΗΣ ΚΑΤΑΣΤΡΟΦΗΣ ΤΟΥ ΕΒΡΑΪΚΟΥ ΝΕΚΡΟΤΑΦΕΙΟΥ

ΒΟΝΝΗ, 22. — Συνεχίζονται αι έρευναι προς αποκάλυψιν των δραστών.

ΒΟΝΝΗ, 22. — Συνεχίζονται αι έρευναι προς αποκάλυψιν των δραστών.

Ο ΚΑΡΙΜ ΑΓΑ ΧΑΝ ΘΑ ΝΥΜΦΕΥΘΗ ΚΟΡΗΝ ΤΟΥ ΣΑΧΟΥ;

ΝΕΑ ΥΟΡΚΗ, 22. — Φήμαι κυκλοφορούν ότι ο Καρίμ Αγά Χαν θα νυμφευθή.

ΥΠΕΣΤΗ ΕΓΚΑΥΜΑΤΑ ΚΑΙ ΓΚΑΙΖΕΡΑΝ

Διακομίσθη εις νοσοκομείον.

ΧΩΡΙΚΟΣ ΕΝΕΠΡΗΣΕΝ ΕΞ ΑΜΕΛΕΙΑΣ ΕΚΤΑΣΙΝ ΣΙΤΗΡΩΝ
ΔΥΟ ΠΥΡΚΑΪΑΙ ΕΣΕΡΡΑΓΗΣΑΝ ΠΑΡΑΠΛΗΣΙΩΣ ΤΗΣ ΛΑΡΙΣΗΣ

Κατά πληροφορίας εκ της ιδιαιτέρας περιοχής, χωρικός ενέπρησεν εξ αμελείας έκτασιν σιτηρών.

Κατά πληροφορίας εκ της ιδιαιτέρας περιοχής, χωρικός ενέπρησεν εξ αμελείας έκτασιν σιτηρών.

ΧΩΡΙΚΗ ΕΚ ΧΑΛΚΙΔΙΚΗΣ Η ΜΗΤΗΡ ΤΟΥ ΕΞΩΓΑΜΟΥ ΤΟΥ ΕΓΚΑΤΑΛΕΙΦΘΕΝΤΟΣ ΕΞΩΘΙ ΚΑΙΝΗΣ

Υπό του Ιδιωτικού 3ου αστυνομικού τμήματος εξηκριβώθη η ταυτότης.

Υπό του Ιδιωτικού 3ου αστυνομικού τμήματος εξηκριβώθη η ταυτότης.

ΦΩΤΟΓΡΑΦΙΑΣ ΤΩΝ ΔΙΑΦΟΡΩΝ ΠΕΡΙΟΧΩΝ ΤΟΥ ΑΡΕΩΣ ΘΑ ΛΑΒΗ ΤΟΝ ΙΟΥΛΙΟΝ ΤΟ ΔΙΑΣΤΗΜΟΠΛΟΙΟΝ «ΜΑΡΙΝΕΡ»

ΟΥΑΣΙΓΚΤΩΝ, 22. — Ή Εθνική Υπηρεσία Αεροναυτικής και Διαστήματος ανεκοίνωσεν ότι το διαστημόπλοιον Μάρινερ θα λάβη φωτογραφίας του Άρεως.

ΟΥΑΣΙΓΚΤΩΝ, 22. — Ή Εθνική Υπηρεσία Αεροναυτικής και Διαστήματος ανεκοίνωσεν ότι το διαστημόπλοιον Μάρινερ θα λάβη φωτογραφίας του Άρεως.

ΟΥΑΣΙΓΚΤΩΝ, 22. — Ή Εθνική Υπηρεσία Αεροναυτικής και Διαστήματος ανεκοίνωσεν ότι το διαστημόπλοιον Μάρινερ θα λάβη φωτογραφίας του Άρεως.

ΕΙΣ ΤΗΝ ΛΑΡΙΣΑΝ

ΟΥΑΣΙΓΚΤΩΝ, 22. — Ή Εθνική Υπηρεσία Αεροναυτικής και Διαστήματος ανεκοίνωσεν ότι το διαστημόπλοιον Μάρινερ θα λάβη φωτογραφίας του Άρεως.

ΟΥΑΣΙΓΚΤΩΝ, 22. — Ή Εθνική Υπηρεσία Αεροναυτικής και Διαστήματος ανεκοίνωσεν ότι το διαστημόπλοιον Μάρινερ θα λάβη φωτογραφίας του Άρεως.

ΠΡΟΒΟΛΗ ΤΑΙΝΙΩΝ

ΣΤΑΙΝΜΠΕΡΓΚ, 22. — Προβολή ταινιών εις το θέατρον.

ΣΤΑΙΝΜΠΕΡΓΚ, 22. — Προβολή ταινιών εις το θέατρον.
